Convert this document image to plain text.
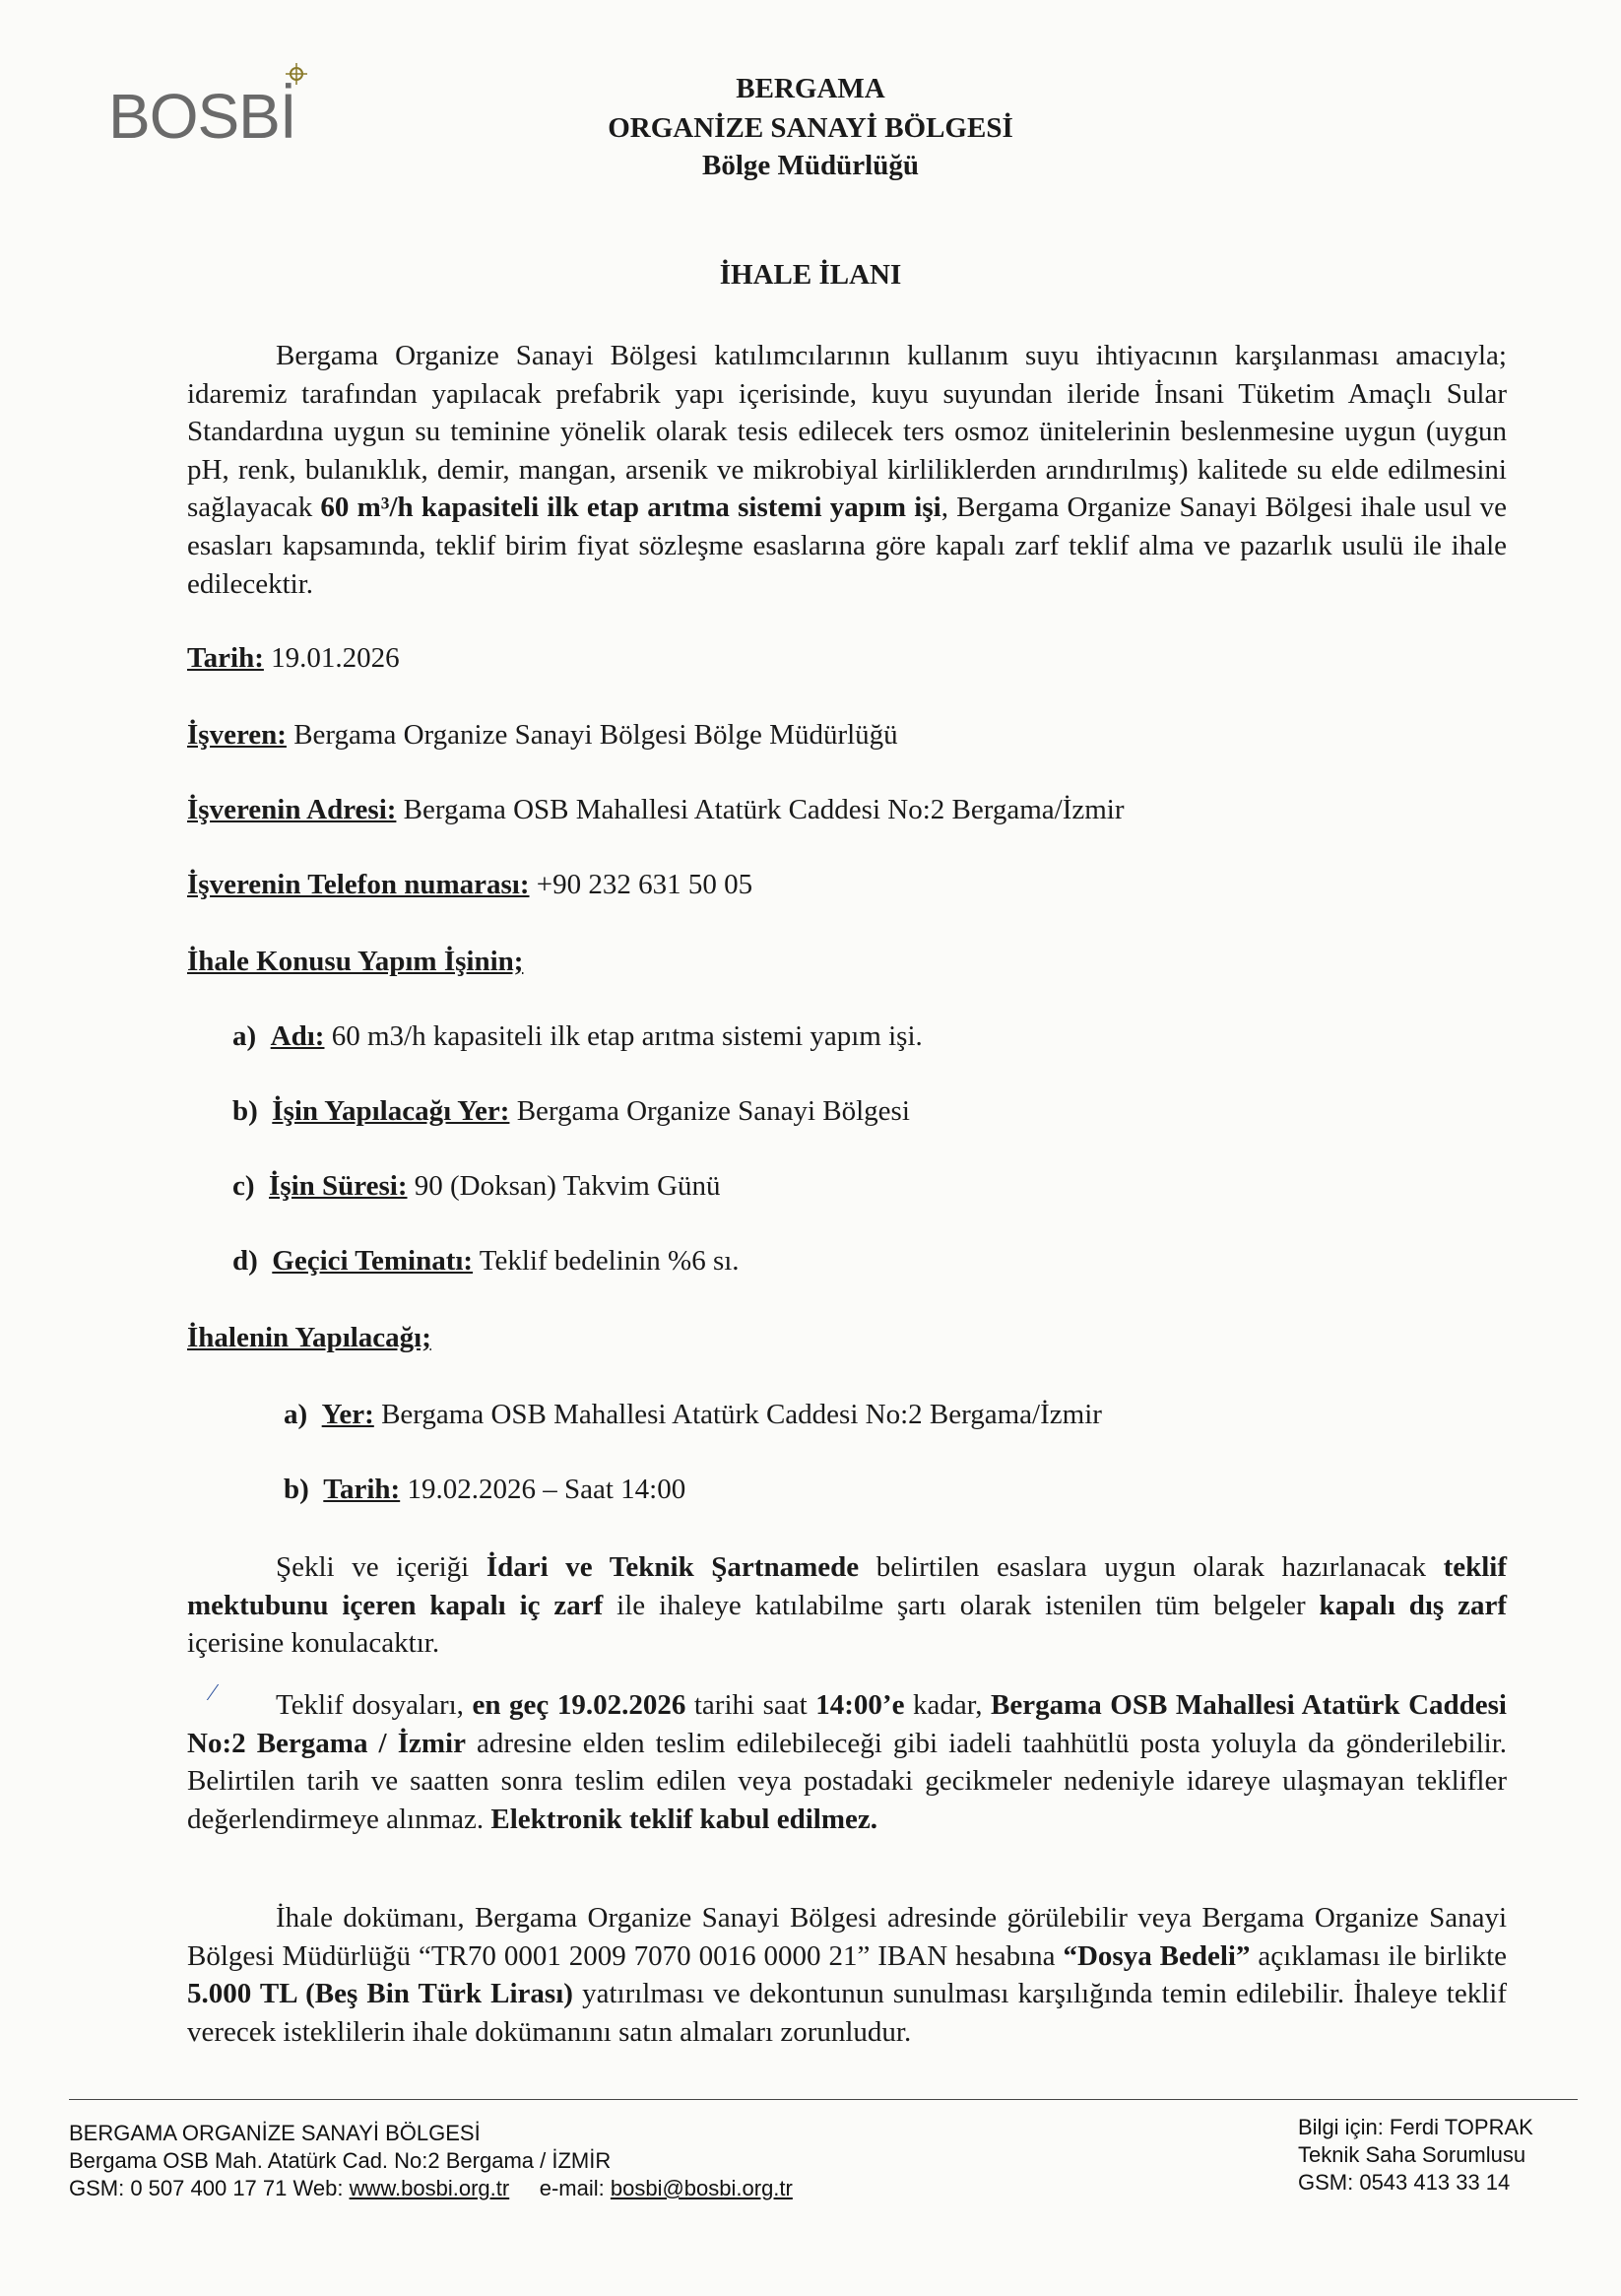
BOSBİ	BERGAMA
ORGANİZE SANAYİ BÖLGESİ
Bölge Müdürlüğü
İHALE İLANI
Bergama Organize Sanayi Bölgesi katılımcılarının kullanım suyu ihtiyacının karşılanması amacıyla; idaremiz tarafından yapılacak prefabrik yapı içerisinde, kuyu suyundan ileride İnsani Tüketim Amaçlı Sular Standardına uygun su teminine yönelik olarak tesis edilecek ters osmoz ünitelerinin beslenmesine uygun (uygun pH, renk, bulanıklık, demir, mangan, arsenik ve mikrobiyal kirliliklerden arındırılmış) kalitede su elde edilmesini sağlayacak 60 m³/h kapasiteli ilk etap arıtma sistemi yapım işi, Bergama Organize Sanayi Bölgesi ihale usul ve esasları kapsamında, teklif birim fiyat sözleşme esaslarına göre kapalı zarf teklif alma ve pazarlık usulü ile ihale edilecektir.
Tarih: 19.01.2026
İşveren: Bergama Organize Sanayi Bölgesi Bölge Müdürlüğü
İşverenin Adresi: Bergama OSB Mahallesi Atatürk Caddesi No:2 Bergama/İzmir
İşverenin Telefon numarası: +90 232 631 50 05
İhale Konusu Yapım İşinin;
a) Adı: 60 m3/h kapasiteli ilk etap arıtma sistemi yapım işi.
b) İşin Yapılacağı Yer: Bergama Organize Sanayi Bölgesi
c) İşin Süresi: 90 (Doksan) Takvim Günü
d) Geçici Teminatı: Teklif bedelinin %6 sı.
İhalenin Yapılacağı;
a) Yer: Bergama OSB Mahallesi Atatürk Caddesi No:2 Bergama/İzmir
b) Tarih: 19.02.2026 – Saat 14:00
Şekli ve içeriği İdari ve Teknik Şartnamede belirtilen esaslara uygun olarak hazırlanacak teklif mektubunu içeren kapalı iç zarf ile ihaleye katılabilme şartı olarak istenilen tüm belgeler kapalı dış zarf içerisine konulacaktır.
⁄	Teklif dosyaları, en geç 19.02.2026 tarihi saat 14:00’e kadar, Bergama OSB Mahallesi Atatürk Caddesi No:2 Bergama / İzmir adresine elden teslim edilebileceği gibi iadeli taahhütlü posta yoluyla da gönderilebilir. Belirtilen tarih ve saatten sonra teslim edilen veya postadaki gecikmeler nedeniyle idareye ulaşmayan teklifler değerlendirmeye alınmaz. Elektronik teklif kabul edilmez.
İhale dokümanı, Bergama Organize Sanayi Bölgesi adresinde görülebilir veya Bergama Organize Sanayi Bölgesi Müdürlüğü “TR70 0001 2009 7070 0016 0000 21” IBAN hesabına “Dosya Bedeli” açıklaması ile birlikte 5.000 TL (Beş Bin Türk Lirası) yatırılması ve dekontunun sunulması karşılığında temin edilebilir. İhaleye teklif verecek isteklilerin ihale dokümanını satın almaları zorunludur.
BERGAMA ORGANİZE SANAYİ BÖLGESİ
Bergama OSB Mah. Atatürk Cad. No:2 Bergama / İZMİR
GSM: 0 507 400 17 71 Web: www.bosbi.org.tr e-mail: bosbi@bosbi.org.tr
Bilgi için: Ferdi TOPRAK
Teknik Saha Sorumlusu
GSM: 0543 413 33 14
